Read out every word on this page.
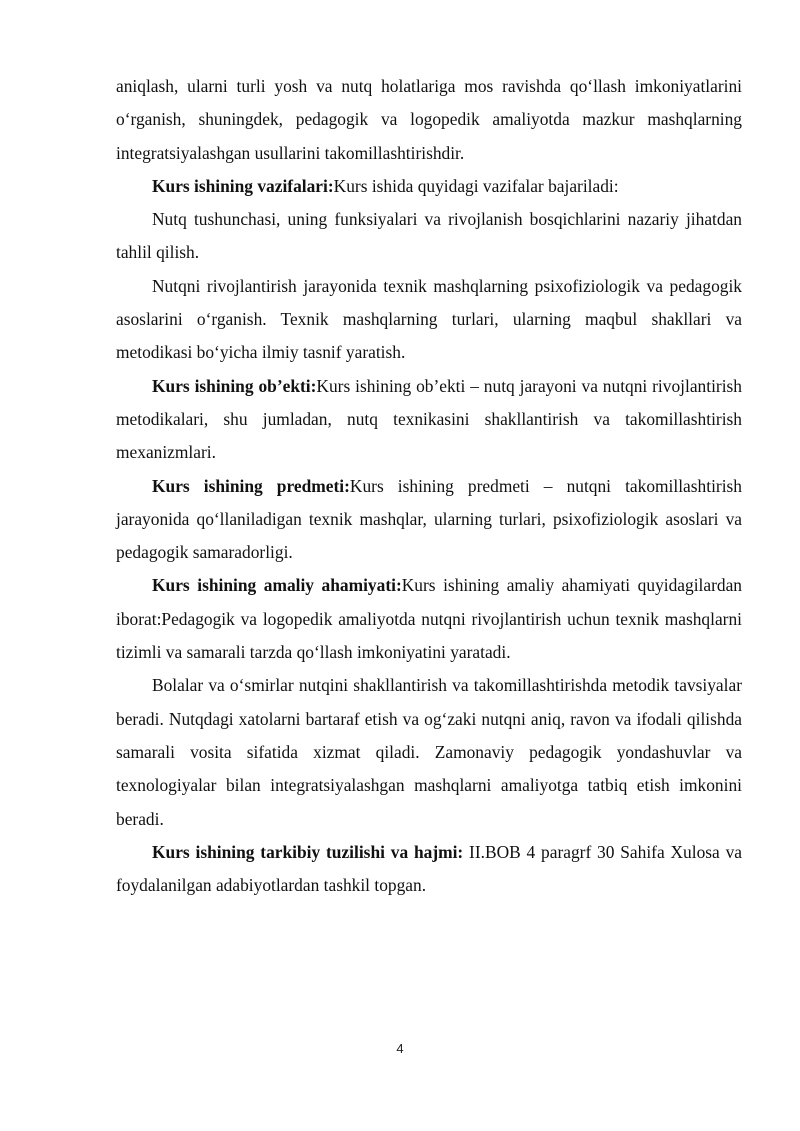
aniqlash, ularni turli yosh va nutq holatlariga mos ravishda qo‘llash imkoniyatlarini o‘rganish, shuningdek, pedagogik va logopedik amaliyotda mazkur mashqlarning integratsiyalashgan usullarini takomillashtirishdir.

Kurs ishining vazifalari:Kurs ishida quyidagi vazifalar bajariladi:

Nutq tushunchasi, uning funksiyalari va rivojlanish bosqichlarini nazariy jihatdan tahlil qilish.

Nutqni rivojlantirish jarayonida texnik mashqlarning psixofiziologik va pedagogik asoslarini o‘rganish. Texnik mashqlarning turlari, ularning maqbul shakllari va metodikasi bo‘yicha ilmiy tasnif yaratish.

Kurs ishining ob’ekti:Kurs ishining ob’ekti – nutq jarayoni va nutqni rivojlantirish metodikalari, shu jumladan, nutq texnikasini shakllantirish va takomillashtirish mexanizmlari.

Kurs ishining predmeti:Kurs ishining predmeti – nutqni takomillashtirish jarayonida qo‘llaniladigan texnik mashqlar, ularning turlari, psixofiziologik asoslari va pedagogik samaradorligi.

Kurs ishining amaliy ahamiyati:Kurs ishining amaliy ahamiyati quyidagilardan iborat:Pedagogik va logopedik amaliyotda nutqni rivojlantirish uchun texnik mashqlarni tizimli va samarali tarzda qo‘llash imkoniyatini yaratadi.

Bolalar va o‘smirlar nutqini shakllantirish va takomillashtirishda metodik tavsiyalar beradi. Nutqdagi xatolarni bartaraf etish va og‘zaki nutqni aniq, ravon va ifodali qilishda samarali vosita sifatida xizmat qiladi. Zamonaviy pedagogik yondashuvlar va texnologiyalar bilan integratsiyalashgan mashqlarni amaliyotga tatbiq etish imkonini beradi.

Kurs ishining tarkibiy tuzilishi va hajmi: II.BOB 4 paragrf 30 Sahifa Xulosa va foydalanilgan adabiyotlardan tashkil topgan.

4
